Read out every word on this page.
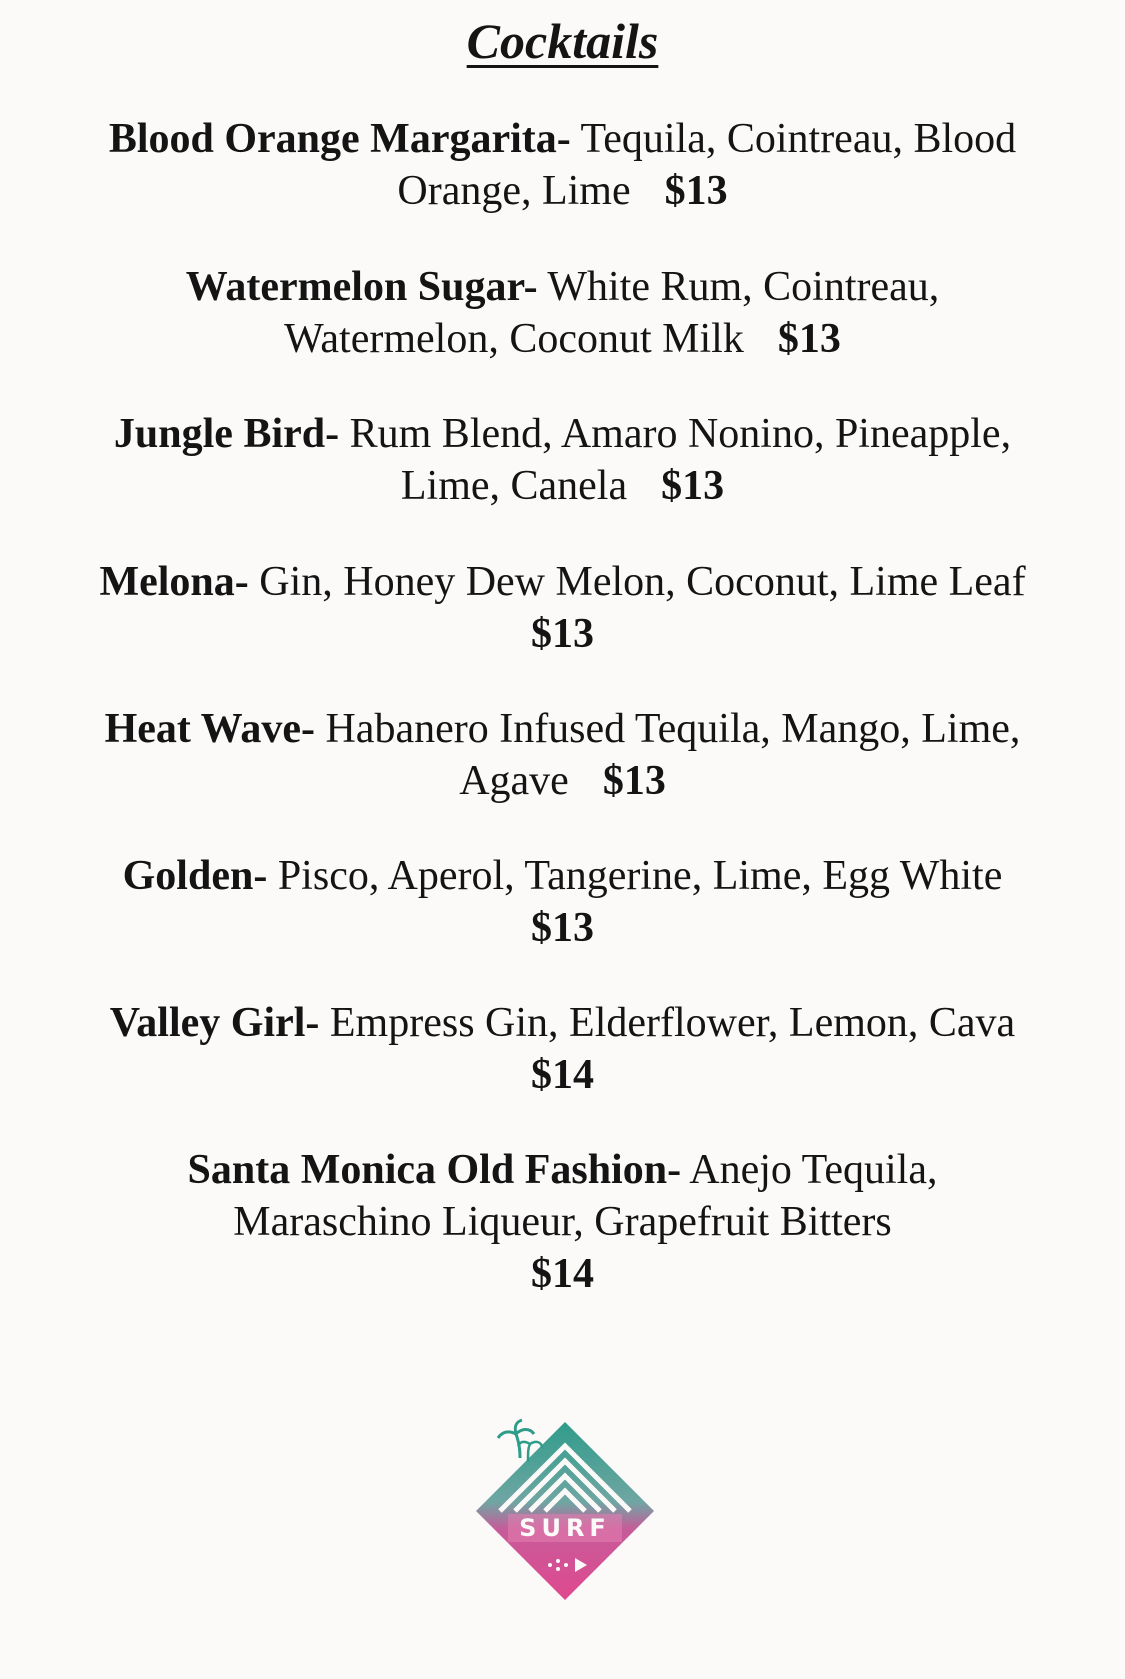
Cocktails
Blood Orange Margarita- Tequila, Cointreau, Blood
Orange, Lime $13
Watermelon Sugar- White Rum, Cointreau,
Watermelon, Coconut Milk $13
Jungle Bird- Rum Blend, Amaro Nonino, Pineapple,
Lime, Canela $13
Melona- Gin, Honey Dew Melon, Coconut, Lime Leaf
$13
Heat Wave- Habanero Infused Tequila, Mango, Lime,
Agave $13
Golden- Pisco, Aperol, Tangerine, Lime, Egg White
$13
Valley Girl- Empress Gin, Elderflower, Lemon, Cava
$14
Santa Monica Old Fashion- Anejo Tequila,
Maraschino Liqueur, Grapefruit Bitters
$14
SURF
